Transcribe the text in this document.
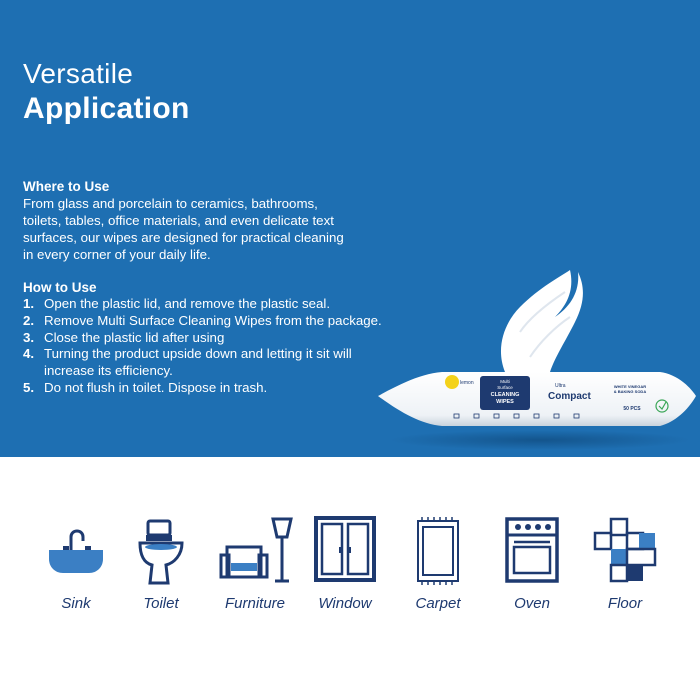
Versatile
Application
Where to Use
From glass and porcelain to ceramics, bathrooms,
toilets, tables, office materials, and even delicate text
surfaces, our wipes are designed for practical cleaning
in every corner of your daily life.
How to Use
1. Open the plastic lid, and remove the plastic seal.
2. Remove Multi Surface Cleaning Wipes from the package.
3. Close the plastic lid after using
4. Turning the product upside down and letting it sit will increase its efficiency.
5. Do not flush in toilet. Dispose in trash.	lemon	Multi
Surface
CLEANING
WIPES
Ultra
Compact
WHITE VINEGAR
& BAKING SODA
50 PCS
Sink	Toilet	Furniture	Window	Carpet	Oven	Floor
